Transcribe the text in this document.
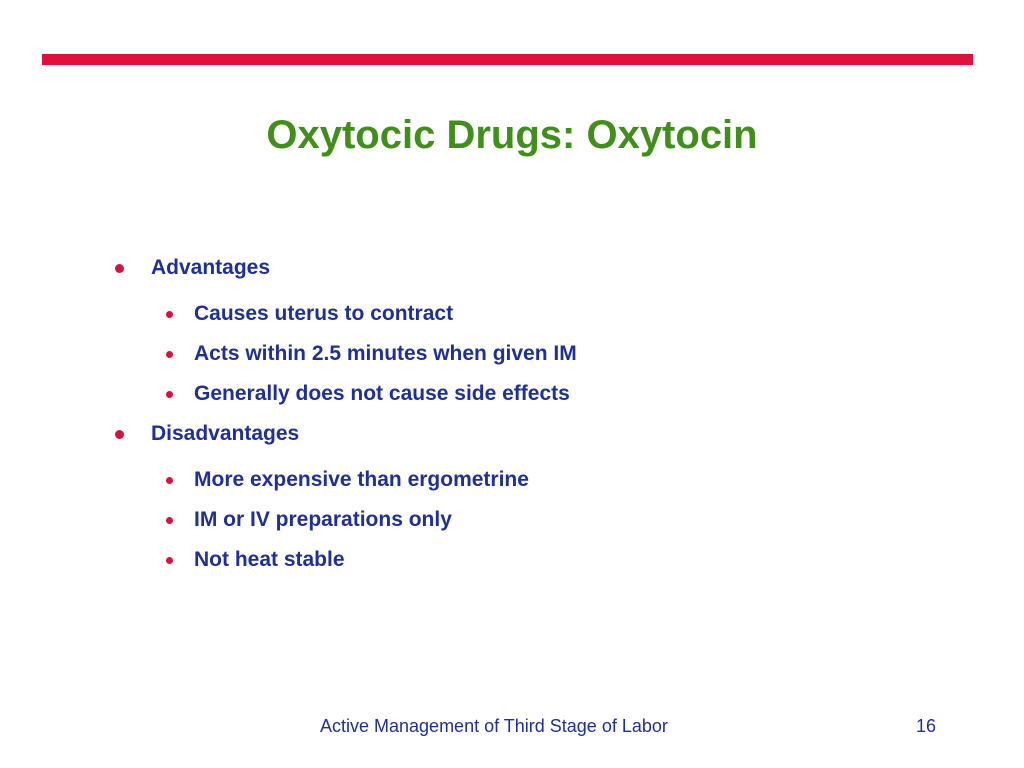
Oxytocic Drugs: Oxytocin
Advantages
Causes uterus to contract
Acts within 2.5 minutes when given IM
Generally does not cause side effects
Disadvantages
More expensive than ergometrine
IM or IV preparations only
Not heat stable
Active Management of Third Stage of Labor	16
